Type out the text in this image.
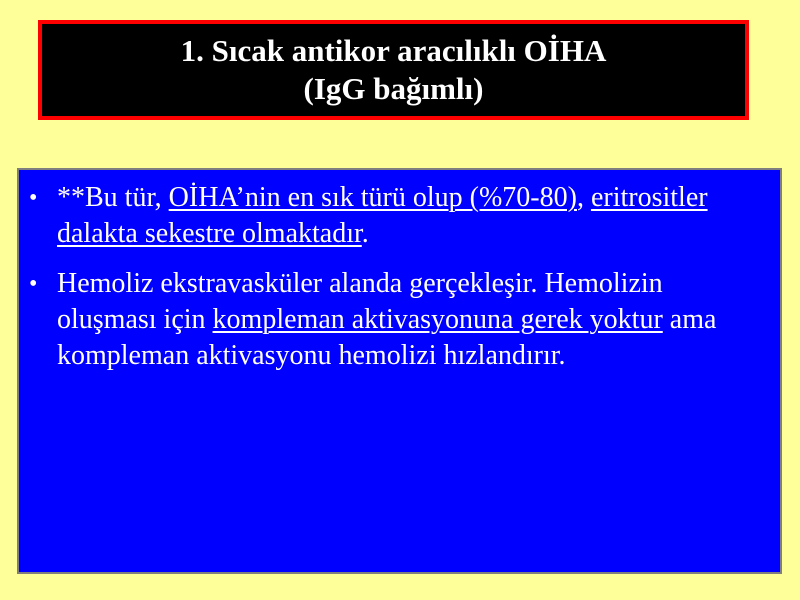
1. Sıcak antikor aracılıklı OİHA
(IgG bağımlı)
• **Bu tür, OİHA’nin en sık türü olup (%70-80), eritrositler dalakta sekestre olmaktadır.
• Hemoliz ekstravasküler alanda gerçekleşir. Hemolizin oluşması için kompleman aktivasyonuna gerek yoktur ama kompleman aktivasyonu hemolizi hızlandırır.
